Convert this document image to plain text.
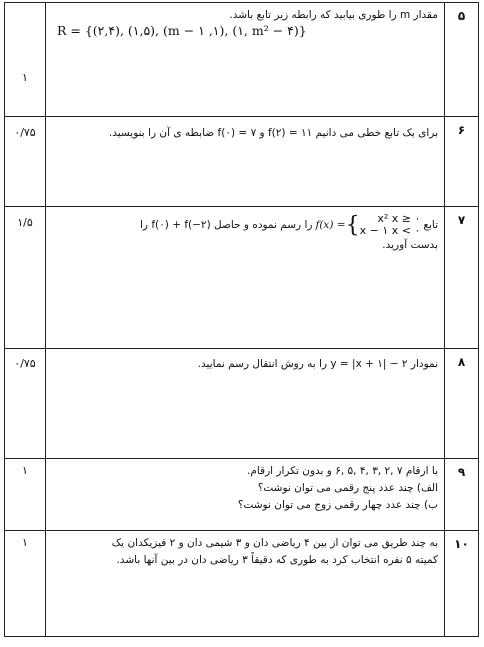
۵
مقدار m را طوری بیابید که رابطه زیر تابع باشد.
R = {(۲,۴), (۱,۵), (m − ۱ ,۱), (۱, m² − ۴)}
۱
۶
برای یک تابع خطی می دانیم ۱۱ = (۲)f و ۷ = (۰)f ضابطه ی آن را بنویسید.
۰/۷۵
۷
تابع
f(x) = {	x² x ≥ ۰
x − ۱ x < ۰
را رسم نموده و حاصل f(۰) + f(−۲) را
بدست آورید.
۱/۵
۸
نمودار y = |x + ۱| − ۲ را به روش انتقال رسم نمایید.
۰/۷۵
۹
با ارقام ۷ ,۲ ,۳ ,۴ ,۵ ,۶ و بدون تکرار ارقام.
الف) چند عدد پنج رقمی می توان نوشت؟
ب) چند عدد چهار رقمی زوج می توان نوشت؟
۱
۱۰
به چند طریق می توان از بین ۴ ریاضی دان و ۳ شیمی دان و ۲ فیزیکدان یک
کمیته ۵ نفره انتخاب کرد به طوری که دقیقاً ۳ ریاضی دان در بین آنها باشد.
۱
